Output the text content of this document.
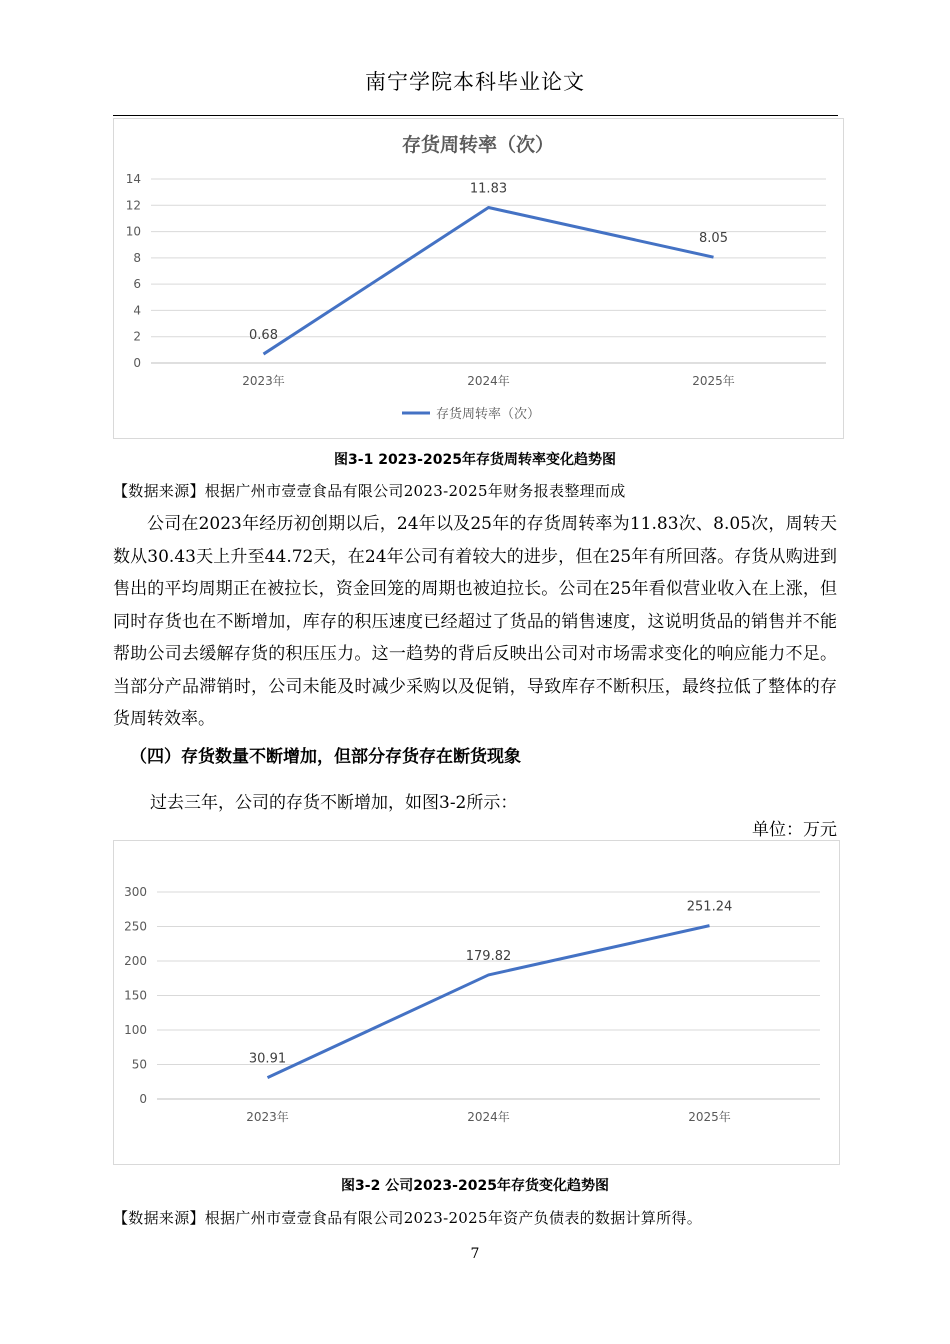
南宁学院本科毕业论文
存货周转率（次）
0
2
4
6
8
10
12
14
2023年	2024年	2025年
0.68
11.83
8.05
存货周转率（次）
图3-1 2023-2025年存货周转率变化趋势图
【数据来源】根据广州市壹壹食品有限公司2023-2025年财务报表整理而成

公司在2023年经历初创期以后，24年以及25年的存货周转率为11.83次、8.05次，周转天数从30.43天上升至44.72天，在24年公司有着较大的进步，但在25年有所回落。存货从购进到售出的平均周期正在被拉长，资金回笼的周期也被迫拉长。公司在25年看似营业收入在上涨，但同时存货也在不断增加，库存的积压速度已经超过了货品的销售速度，这说明货品的销售并不能帮助公司去缓解存货的积压压力。这一趋势的背后反映出公司对市场需求变化的响应能力不足。当部分产品滞销时，公司未能及时减少采购以及促销，导致库存不断积压，最终拉低了整体的存货周转效率。

（四）存货数量不断增加，但部分存货存在断货现象
过去三年，公司的存货不断增加，如图3-2所示：
单位：万元
0
50
100
150
200
250
300
2023年	2024年	2025年
30.91
179.82
251.24
图3-2 公司2023-2025年存货变化趋势图
【数据来源】根据广州市壹壹食品有限公司2023-2025年资产负债表的数据计算所得。
7
